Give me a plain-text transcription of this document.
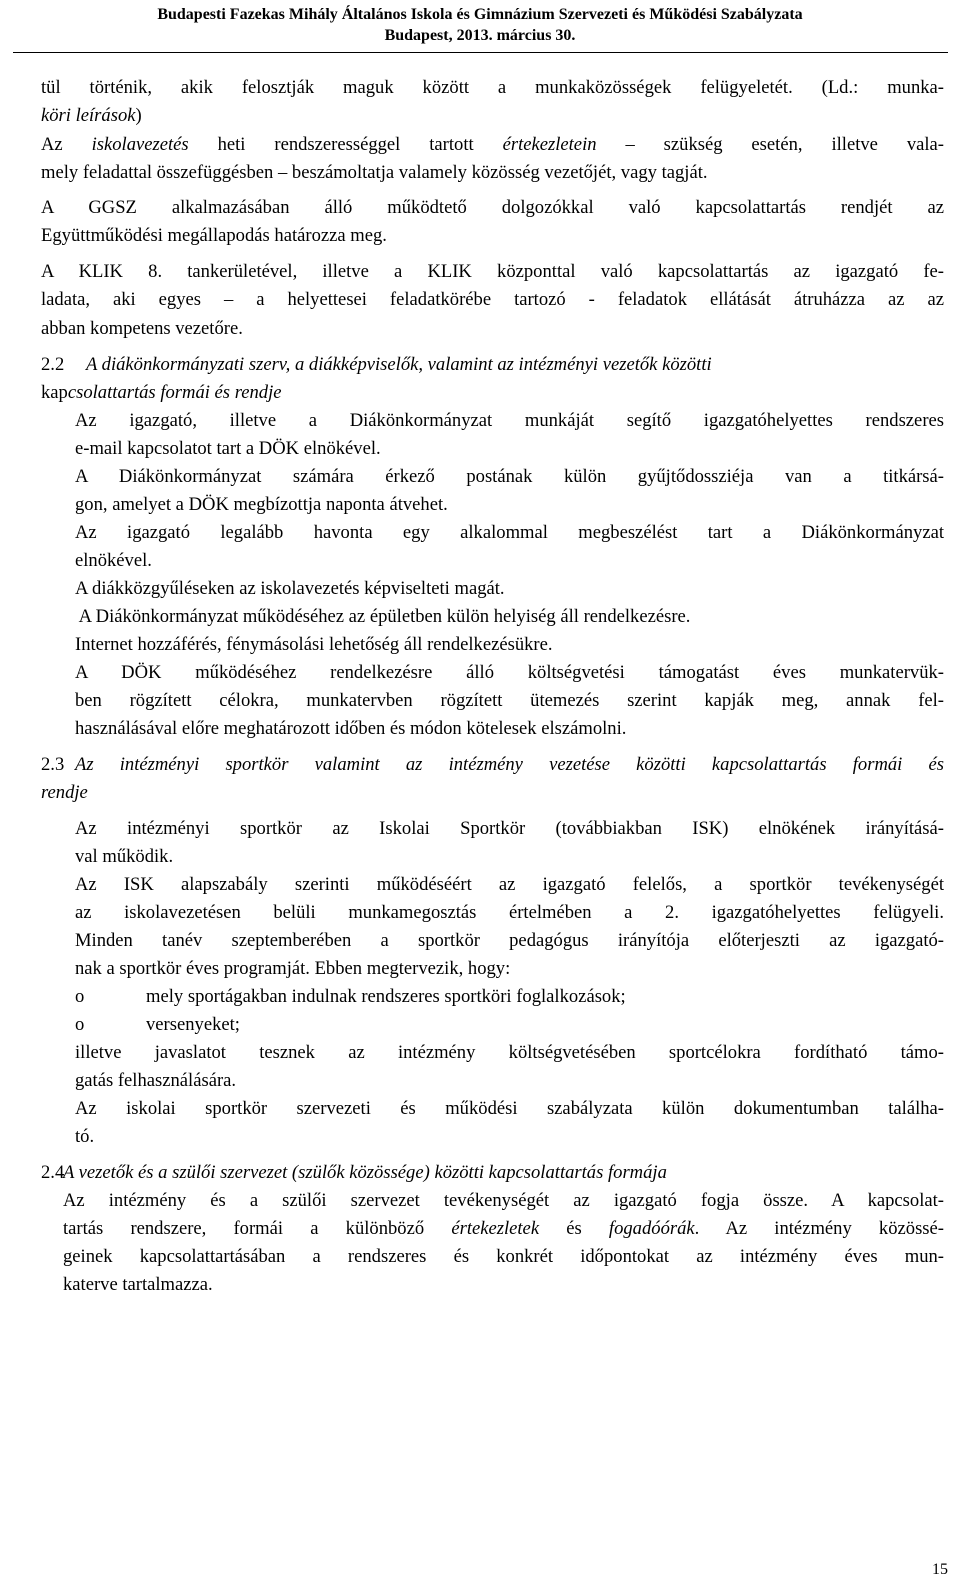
Budapesti Fazekas Mihály Általános Iskola és Gimnázium Szervezeti és Működési Szabályzata
Budapest, 2013. március 30.
tül történik, akik felosztják maguk között a munkaközösségek felügyeletét. (Ld.: munka-
köri leírások)
Az iskolavezetés heti rendszerességgel tartott értekezletein – szükség esetén, illetve vala-
mely feladattal összefüggésben – beszámoltatja valamely közösség vezetőjét, vagy tagját.
A GGSZ alkalmazásában álló működtető dolgozókkal való kapcsolattartás rendjét az
Együttműködési megállapodás határozza meg.
A KLIK 8. tankerületével, illetve a KLIK központtal való kapcsolattartás az igazgató fe-
ladata, aki egyes – a helyettesei feladatkörébe tartozó - feladatok ellátását átruházza az az
abban kompetens vezetőre.
2.2 A diákönkormányzati szerv, a diákképviselők, valamint az intézményi vezetők közötti
kapcsolattartás formái és rendje
Az igazgató, illetve a Diákönkormányzat munkáját segítő igazgatóhelyettes rendszeres
e-mail kapcsolatot tart a DÖK elnökével.
A Diákönkormányzat számára érkező postának külön gyűjtődossziéja van a titkársá-
gon, amelyet a DÖK megbízottja naponta átvehet.
Az igazgató legalább havonta egy alkalommal megbeszélést tart a Diákönkormányzat
elnökével.
A diákközgyűléseken az iskolavezetés képviselteti magát.
A Diákönkormányzat működéséhez az épületben külön helyiség áll rendelkezésre.
Internet hozzáférés, fénymásolási lehetőség áll rendelkezésükre.
A DÖK működéséhez rendelkezésre álló költségvetési támogatást éves munkatervük-
ben rögzített célokra, munkatervben rögzített ütemezés szerint kapják meg, annak fel-
használásával előre meghatározott időben és módon kötelesek elszámolni.
2.3 Az intézményi sportkör valamint az intézmény vezetése közötti kapcsolattartás formái és
rendje
Az intézményi sportkör az Iskolai Sportkör (továbbiakban ISK) elnökének irányításá-
val működik.
Az ISK alapszabály szerinti működéséért az igazgató felelős, a sportkör tevékenységét
az iskolavezetésen belüli munkamegosztás értelmében a 2. igazgatóhelyettes felügyeli.
Minden tanév szeptemberében a sportkör pedagógus irányítója előterjeszti az igazgató-
nak a sportkör éves programját. Ebben megtervezik, hogy:
o	mely sportágakban indulnak rendszeres sportköri foglalkozások;
o	versenyeket;
illetve javaslatot tesznek az intézmény költségvetésében sportcélokra fordítható támo-
gatás felhasználására.
Az iskolai sportkör szervezeti és működési szabályzata külön dokumentumban találha-
tó.
2.4
A vezetők és a szülői szervezet (szülők közössége) közötti kapcsolattartás formája
Az intézmény és a szülői szervezet tevékenységét az igazgató fogja össze. A kapcsolat-
tartás rendszere, formái a különböző értekezletek és fogadóórák. Az intézmény közössé-
geinek kapcsolattartásában a rendszeres és konkrét időpontokat az intézmény éves mun-
katerve tartalmazza.
15
